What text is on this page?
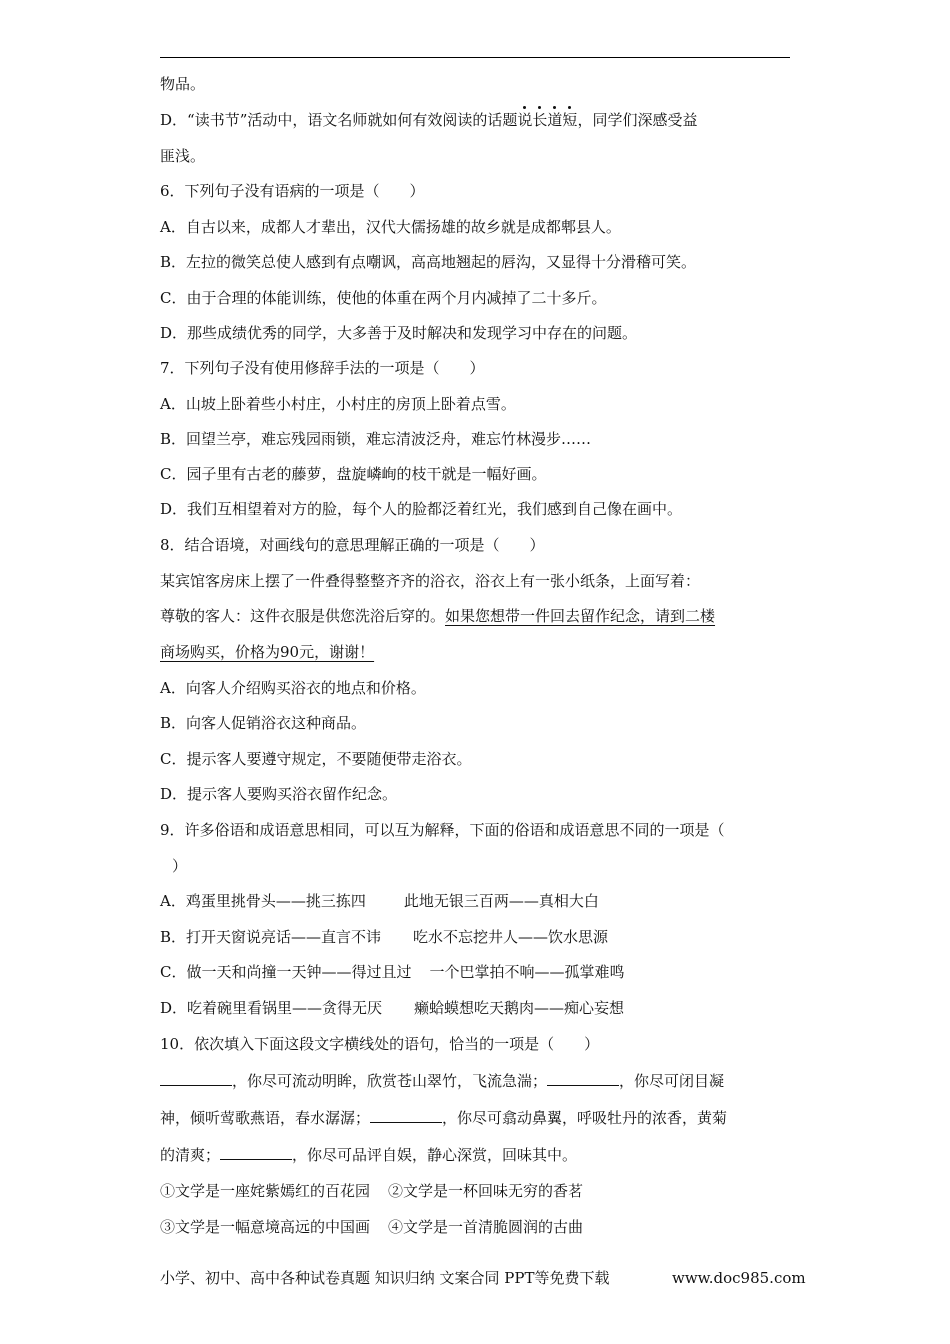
物品。
D．“读书节”活动中，语文名师就如何有效阅读的话题说长道短，同学们深感受益
匪浅。
6．下列句子没有语病的一项是（　　）
A．自古以来，成都人才辈出，汉代大儒扬雄的故乡就是成都郫县人。
B．左拉的微笑总使人感到有点嘲讽，高高地翘起的唇沟，又显得十分滑稽可笑。
C．由于合理的体能训练，使他的体重在两个月内减掉了二十多斤。
D．那些成绩优秀的同学，大多善于及时解决和发现学习中存在的问题。
7．下列句子没有使用修辞手法的一项是（　　）
A．山坡上卧着些小村庄，小村庄的房顶上卧着点雪。
B．回望兰亭，难忘残园雨锁，难忘清波泛舟，难忘竹林漫步……
C．园子里有古老的藤萝，盘旋嶙峋的枝干就是一幅好画。
D．我们互相望着对方的脸，每个人的脸都泛着红光，我们感到自己像在画中。
8．结合语境，对画线句的意思理解正确的一项是（　　）
某宾馆客房床上摆了一件叠得整整齐齐的浴衣，浴衣上有一张小纸条，上面写着：
尊敬的客人：这件衣服是供您洗浴后穿的。如果您想带一件回去留作纪念，请到二楼
商场购买，价格为90元，谢谢！
A．向客人介绍购买浴衣的地点和价格。
B．向客人促销浴衣这种商品。
C．提示客人要遵守规定，不要随便带走浴衣。
D．提示客人要购买浴衣留作纪念。
9．许多俗语和成语意思相同，可以互为解释，下面的俗语和成语意思不同的一项是（
）
A．鸡蛋里挑骨头——挑三拣四	此地无银三百两——真相大白
B．打开天窗说亮话——直言不讳 吃水不忘挖井人——饮水思源
C．做一天和尚撞一天钟——得过且过 一个巴掌拍不响——孤掌难鸣
D．吃着碗里看锅里——贪得无厌 癞蛤蟆想吃天鹅肉——痴心妄想
10．依次填入下面这段文字横线处的语句，恰当的一项是（　　）
，你尽可流动明眸，欣赏苍山翠竹，飞流急湍；	，你尽可闭目凝
神，倾听莺歌燕语，春水潺潺；	，你尽可翕动鼻翼，呼吸牡丹的浓香，黄菊
的清爽；	，你尽可品评自娱，静心深赏，回味其中。
①文学是一座姹紫嫣红的百花园 ②文学是一杯回味无穷的香茗
③文学是一幅意境高远的中国画 ④文学是一首清脆圆润的古曲
小学、初中、高中各种试卷真题 知识归纳 文案合同 PPT等免费下载	www.doc985.com
